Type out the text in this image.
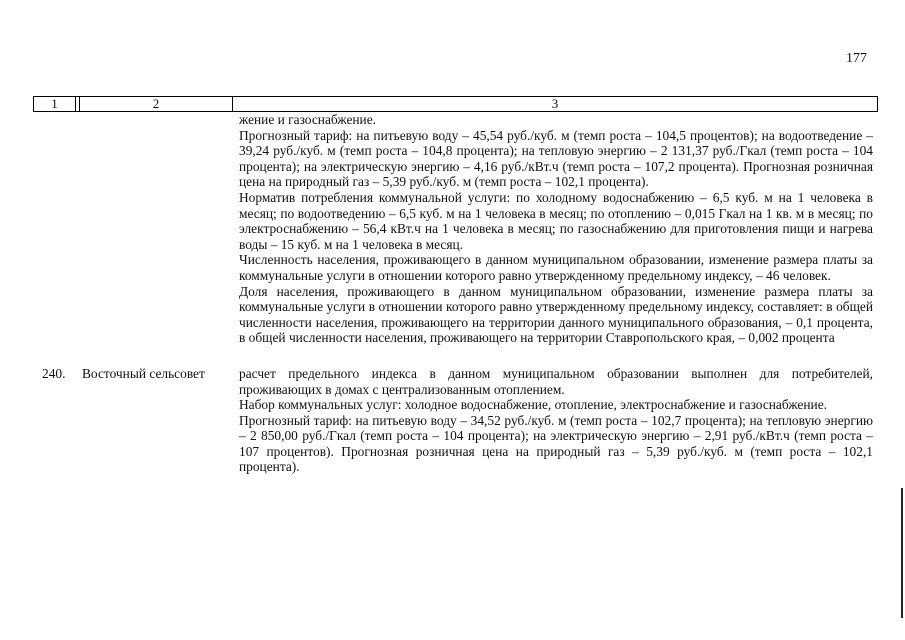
177
1	2	3

жение и газоснабжение.

Прогнозный тариф: на питьевую воду – 45,54 руб./куб. м (темп роста – 104,5 процентов); на водоотведение – 39,24 руб./куб. м (темп роста – 104,8 процента); на тепловую энергию – 2 131,37 руб./Гкал (темп роста – 104 процента); на электрическую энергию – 4,16 руб./кВт.ч (темп роста – 107,2 процента). Прогнозная розничная цена на природный газ – 5,39 руб./куб. м (темп роста – 102,1 процента).

Норматив потребления коммунальной услуги: по холодному водоснабжению – 6,5 куб. м на 1 человека в месяц; по водоотведению – 6,5 куб. м на 1 человека в месяц; по отоплению – 0,015 Гкал на 1 кв. м в месяц; по электроснабжению – 56,4 кВт.ч на 1 человека в месяц; по газоснабжению для приготовления пищи и нагрева воды – 15 куб. м на 1 человека в месяц.

Численность населения, проживающего в данном муниципальном образовании, изменение размера платы за коммунальные услуги в отношении которого равно утвержденному предельному индексу, – 46 человек.

Доля населения, проживающего в данном муниципальном образовании, изменение размера платы за коммунальные услуги в отношении которого равно утвержденному предельному индексу, составляет: в общей численности населения, проживающего на территории данного муниципального образования, – 0,1 процента, в общей численности населения, проживающего на территории Ставропольского края, – 0,002 процента

240. Восточный сельсовет	расчет предельного индекса в данном муниципальном образовании выполнен для потребителей, проживающих в домах с централизованным отоплением.

Набор коммунальных услуг: холодное водоснабжение, отопление, электроснабжение и газоснабжение.

Прогнозный тариф: на питьевую воду – 34,52 руб./куб. м (темп роста – 102,7 процента); на тепловую энергию – 2 850,00 руб./Гкал (темп роста – 104 процента); на электрическую энергию – 2,91 руб./кВт.ч (темп роста – 107 процентов). Прогнозная розничная цена на природный газ – 5,39 руб./куб. м (темп роста – 102,1 процента).
